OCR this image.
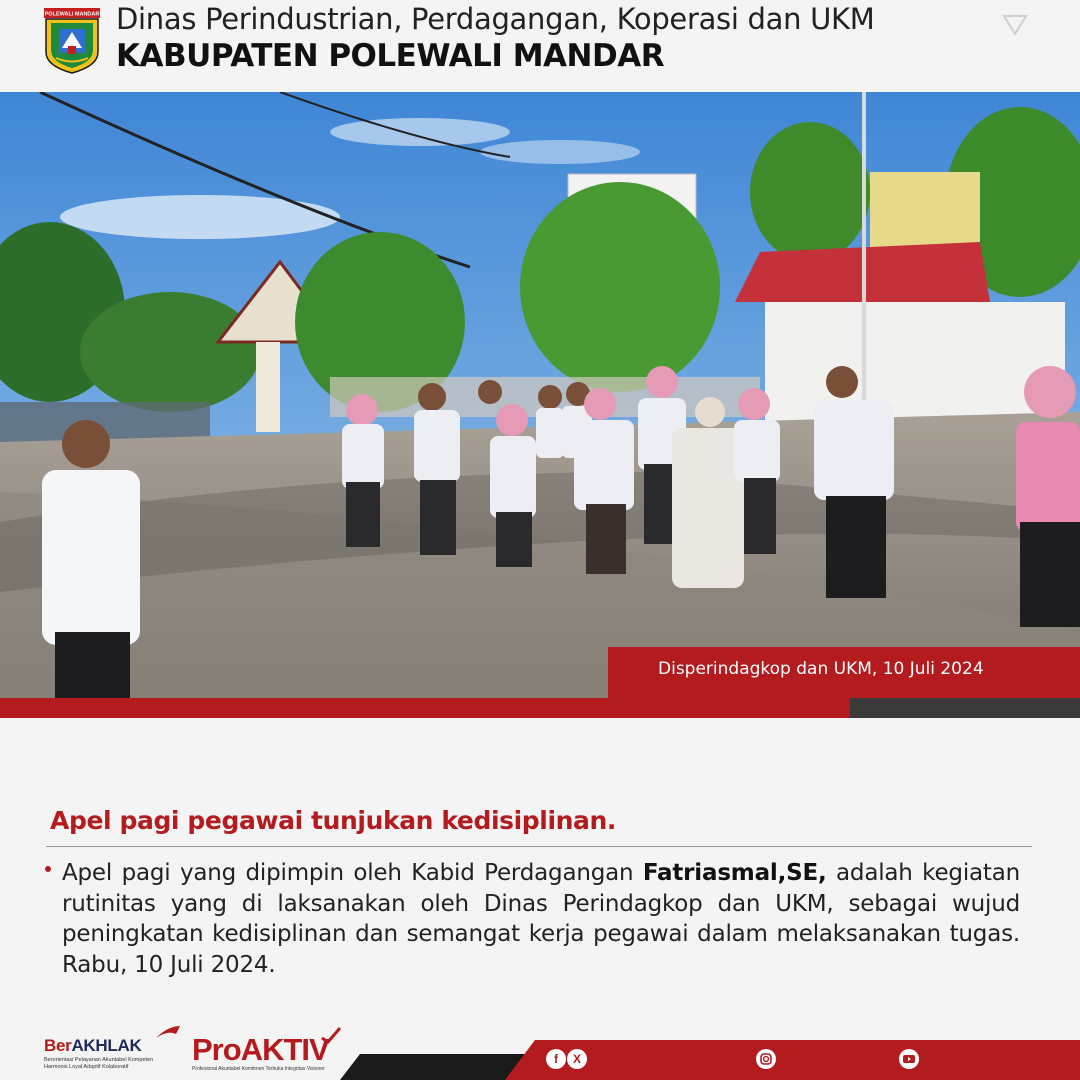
POLEWALI MANDAR Dinas Perindustrian, Perdagangan, Koperasi dan UKM
KABUPATEN POLEWALI MANDAR
Disperindagkop dan UKM, 10 Juli 2024
Apel pagi pegawai tunjukan kedisiplinan.

Apel pagi yang dipimpin oleh Kabid Perdagangan Fatriasmal,SE, adalah kegiatan rutinitas yang di laksanakan oleh Dinas Perindagkop dan UKM, sebagai wujud peningkatan kedisiplinan dan semangat kerja pegawai dalam melaksanakan tugas. Rabu, 10 Juli 2024.

BerAKHLAK
Berorientasi Pelayanan Akuntabel Kompeten Harmonis Loyal Adaptif Kolaboratif	ProAKTIV
Profesional Akuntabel Komitmen Terbuka Integritas Visioner
f	X
